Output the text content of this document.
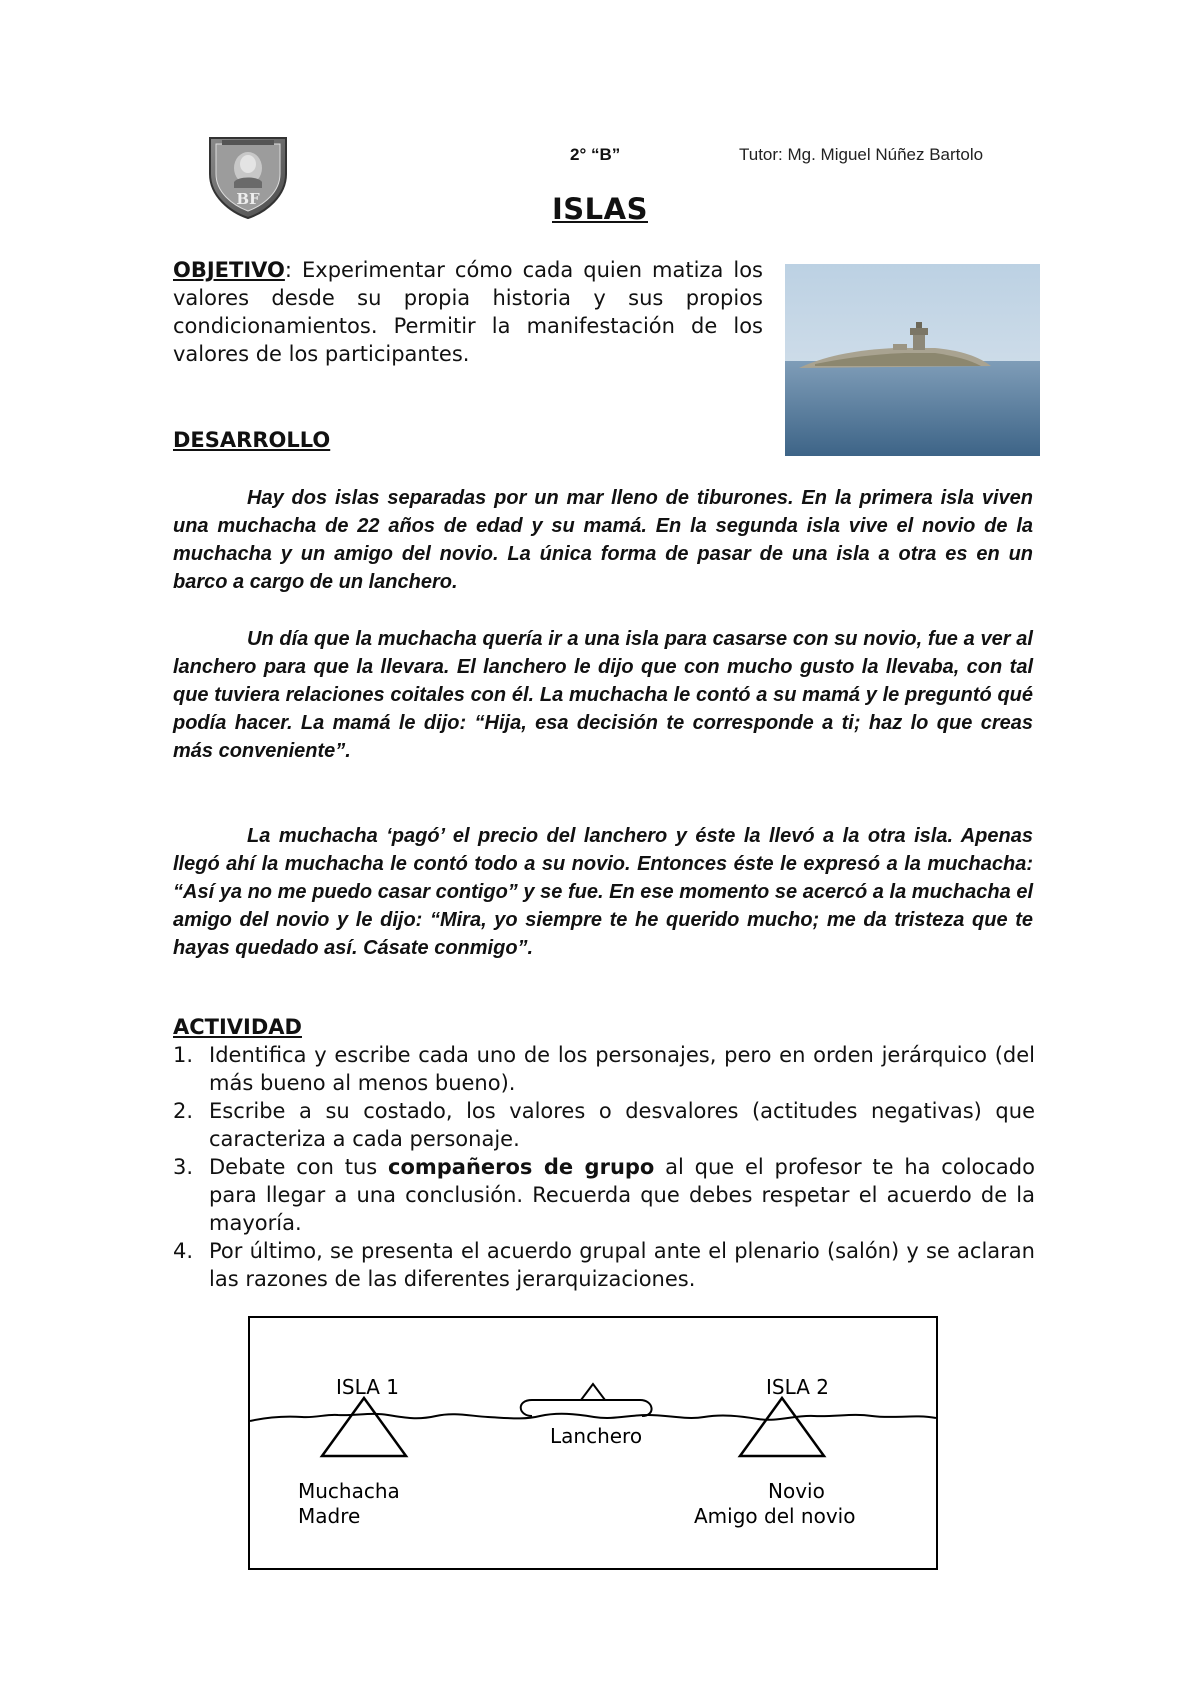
BF
2° “B”	Tutor: Mg. Miguel Núñez Bartolo
ISLAS
OBJETIVO: Experimentar cómo cada quien matiza los valores desde su propia historia y sus propios condicionamientos. Permitir la manifestación de los valores de los participantes.
DESARROLLO

Hay dos islas separadas por un mar lleno de tiburones. En la primera isla viven una muchacha de 22 años de edad y su mamá. En la segunda isla vive el novio de la muchacha y un amigo del novio. La única forma de pasar de una isla a otra es en un barco a cargo de un lanchero.

Un día que la muchacha quería ir a una isla para casarse con su novio, fue a ver al lanchero para que la llevara. El lanchero le dijo que con mucho gusto la llevaba, con tal que tuviera relaciones coitales con él. La muchacha le contó a su mamá y le preguntó qué podía hacer. La mamá le dijo: “Hija, esa decisión te corresponde a ti; haz lo que creas más conveniente”.

La muchacha ‘pagó’ el precio del lanchero y éste la llevó a la otra isla. Apenas llegó ahí la muchacha le contó todo a su novio. Entonces éste le expresó a la muchacha: “Así ya no me puedo casar contigo” y se fue. En ese momento se acercó a la muchacha el amigo del novio y le dijo: “Mira, yo siempre te he querido mucho; me da tristeza que te hayas quedado así. Cásate conmigo”.

ACTIVIDAD
1. Identifica y escribe cada uno de los personajes, pero en orden jerárquico (del más bueno al menos bueno).
2. Escribe a su costado, los valores o desvalores (actitudes negativas) que caracteriza a cada personaje.
3. Debate con tus compañeros de grupo al que el profesor te ha colocado para llegar a una conclusión. Recuerda que debes respetar el acuerdo de la mayoría.
4. Por último, se presenta el acuerdo grupal ante el plenario (salón) y se aclaran las razones de las diferentes jerarquizaciones.
ISLA 1	ISLA 2
Lanchero
Muchacha
Madre
Novio
Amigo del novio
